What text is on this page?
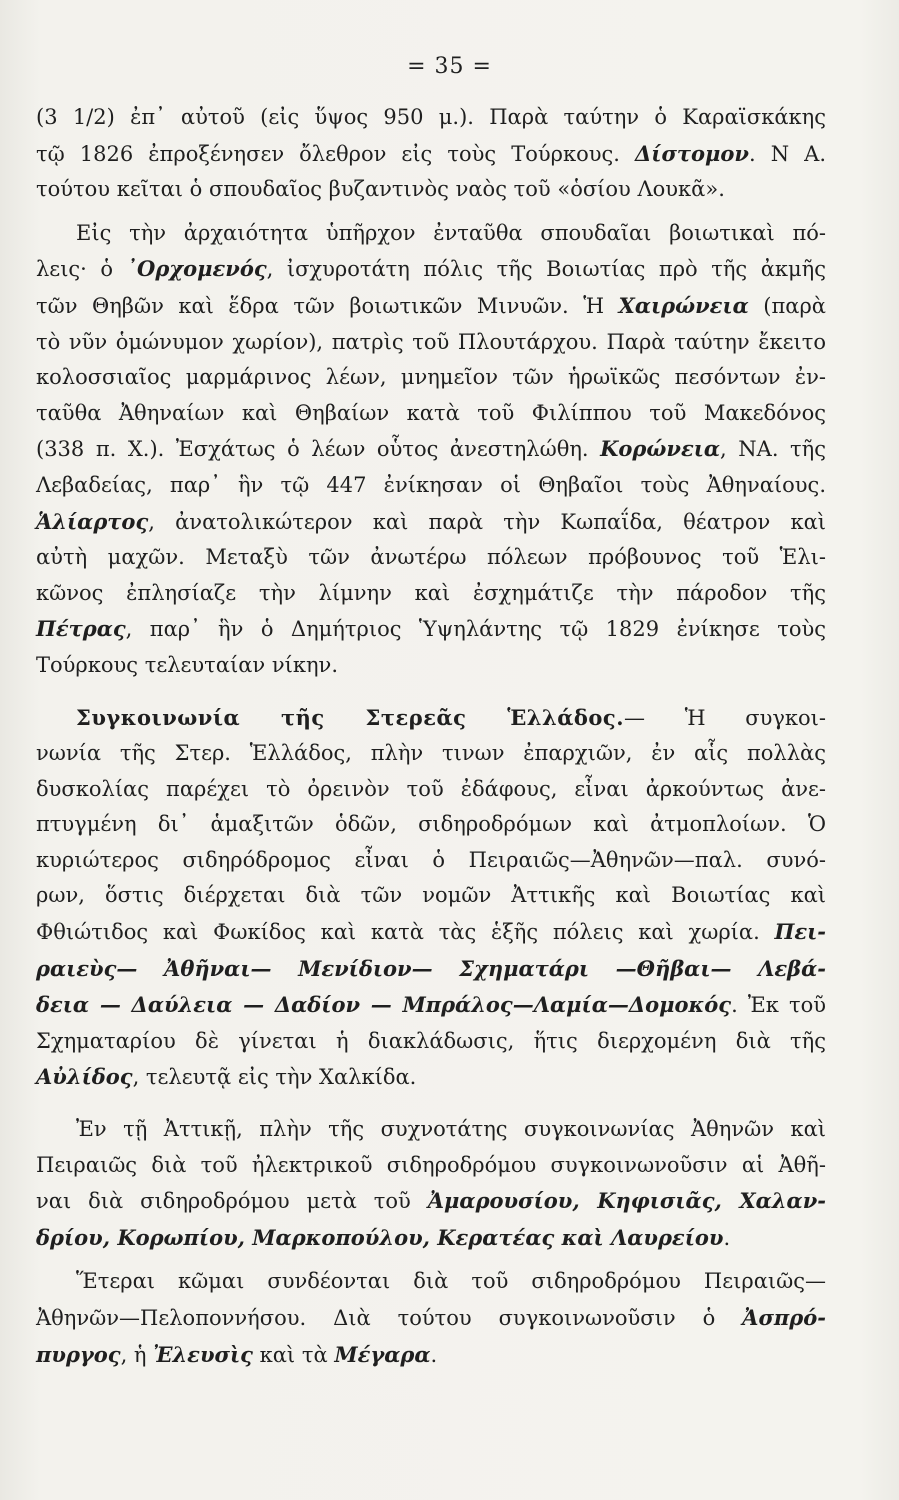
= 35 =
(3 1/2) ἐπ᾽ αὐτοῦ (εἰς ὕψος 950 μ.). Παρὰ ταύτην ὁ Καραϊσκάκης
τῷ 1826 ἐπροξένησεν ὄλεθρον εἰς τοὺς Τούρκους. Δίστομον. Ν Α.
τούτου κεῖται ὁ σπουδαῖος βυζαντινὸς ναὸς τοῦ «ὁσίου Λουκᾶ».
Εἰς τὴν ἀρχαιότητα ὑπῆρχον ἐνταῦθα σπουδαῖαι βοιωτικαὶ πό-
λεις· ὁ ᾽Ορχομενός, ἰσχυροτάτη πόλις τῆς Βοιωτίας πρὸ τῆς ἀκμῆς
τῶν Θηβῶν καὶ ἕδρα τῶν βοιωτικῶν Μινυῶν. Ἡ Χαιρώνεια (παρὰ
τὸ νῦν ὁμώνυμον χωρίον), πατρὶς τοῦ Πλουτάρχου. Παρὰ ταύτην ἔκειτο
κολοσσιαῖος μαρμάρινος λέων, μνημεῖον τῶν ἡρωϊκῶς πεσόντων ἐν-
ταῦθα Ἀθηναίων καὶ Θηβαίων κατὰ τοῦ Φιλίππου τοῦ Μακεδόνος
(338 π. Χ.). Ἐσχάτως ὁ λέων οὗτος ἀνεστηλώθη. Κορώνεια, ΝΑ. τῆς
Λεβαδείας, παρ᾽ ἣν τῷ 447 ἐνίκησαν οἱ Θηβαῖοι τοὺς Ἀθηναίους.
Ἁλίαρτος, ἀνατολικώτερον καὶ παρὰ τὴν Κωπαΐδα, θέατρον καὶ
αὐτὴ μαχῶν. Μεταξὺ τῶν ἀνωτέρω πόλεων πρόβουνος τοῦ Ἑλι-
κῶνος ἐπλησίαζε τὴν λίμνην καὶ ἐσχημάτιζε τὴν πάροδον τῆς
Πέτρας, παρ᾽ ἣν ὁ Δημήτριος Ὑψηλάντης τῷ 1829 ἐνίκησε τοὺς
Τούρκους τελευταίαν νίκην.
Συγκοινωνία τῆς Στερεᾶς Ἑλλάδος.— Ἡ συγκοι-
νωνία τῆς Στερ. Ἑλλάδος, πλὴν τινων ἐπαρχιῶν, ἐν αἷς πολλὰς
δυσκολίας παρέχει τὸ ὀρεινὸν τοῦ ἐδάφους, εἶναι ἀρκούντως ἀνε-
πτυγμένη δι᾽ ἁμαξιτῶν ὁδῶν, σιδηροδρόμων καὶ ἀτμοπλοίων. Ὁ
κυριώτερος σιδηρόδρομος εἶναι ὁ Πειραιῶς—Ἀθηνῶν—παλ. συνό-
ρων, ὅστις διέρχεται διὰ τῶν νομῶν Ἀττικῆς καὶ Βοιωτίας καὶ
Φθιώτιδος καὶ Φωκίδος καὶ κατὰ τὰς ἑξῆς πόλεις καὶ χωρία. Πει-
ραιεὺς— Ἀθῆναι— Μενίδιον— Σχηματάρι —Θῆβαι— Λεβά-
δεια — Δαύλεια — Δαδίον — Μπράλος—Λαμία—Δομοκός. Ἐκ τοῦ
Σχηματαρίου δὲ γίνεται ἡ διακλάδωσις, ἥτις διερχομένη διὰ τῆς
Αὐλίδος, τελευτᾷ εἰς τὴν Χαλκίδα.
Ἐν τῇ Ἀττικῇ, πλὴν τῆς συχνοτάτης συγκοινωνίας Ἀθηνῶν καὶ
Πειραιῶς διὰ τοῦ ἠλεκτρικοῦ σιδηροδρόμου συγκοινωνοῦσιν αἱ Ἀθῆ-
ναι διὰ σιδηροδρόμου μετὰ τοῦ Ἀμαρουσίου, Κηφισιᾶς, Χαλαν-
δρίου, Κορωπίου, Μαρκοπούλου, Κερατέας καὶ Λαυρείου.
Ἕτεραι κῶμαι συνδέονται διὰ τοῦ σιδηροδρόμου Πειραιῶς—
Ἀθηνῶν—Πελοποννήσου. Διὰ τούτου συγκοινωνοῦσιν ὁ Ἀσπρό-
πυργος, ἡ Ἐλευσὶς καὶ τὰ Μέγαρα.
